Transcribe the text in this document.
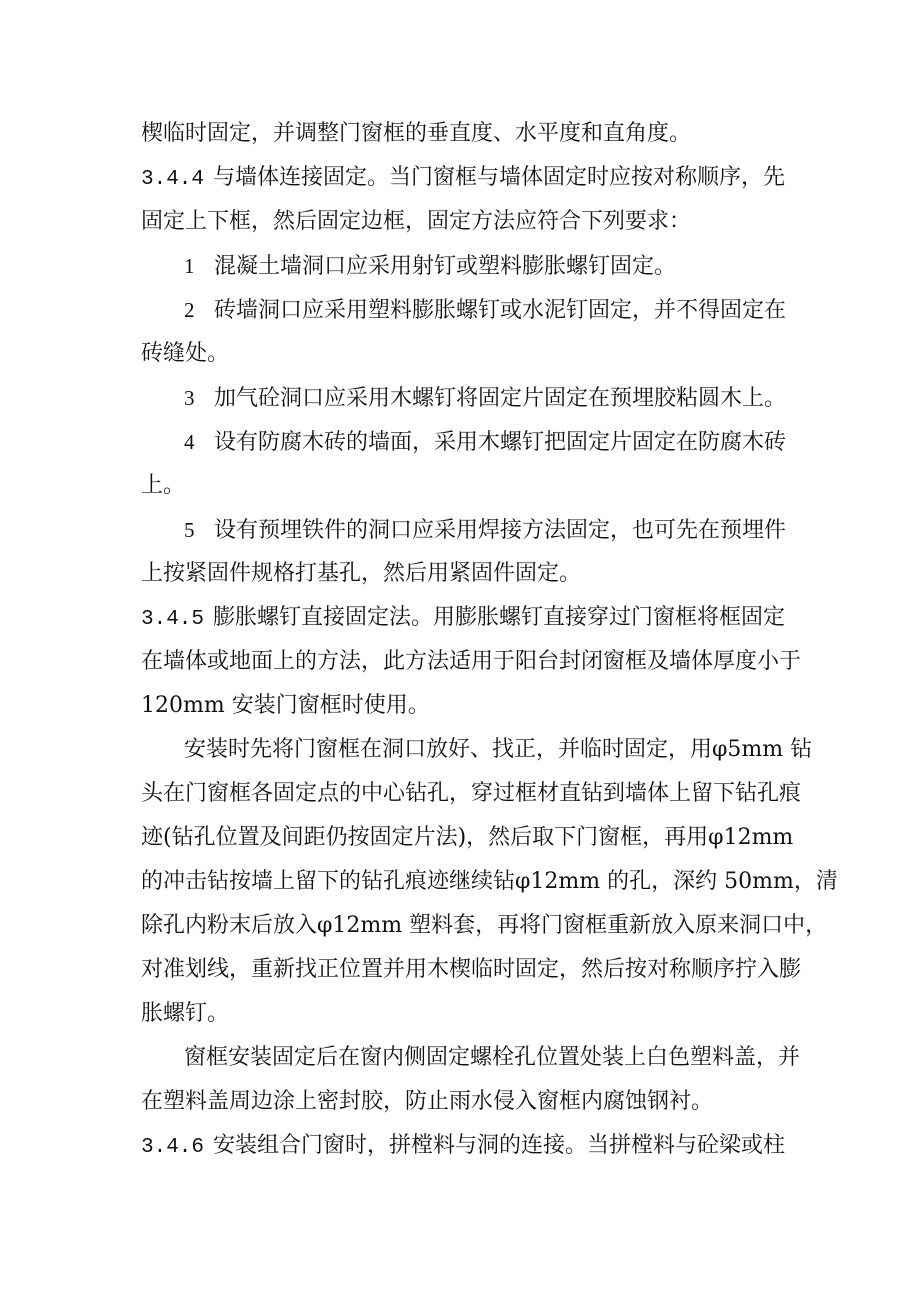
楔临时固定，并调整门窗框的垂直度、水平度和直角度。
3.4.4 与墙体连接固定。当门窗框与墙体固定时应按对称顺序，先
固定上下框，然后固定边框，固定方法应符合下列要求：
1 混凝土墙洞口应采用射钉或塑料膨胀螺钉固定。
2 砖墙洞口应采用塑料膨胀螺钉或水泥钉固定，并不得固定在
砖缝处。
3 加气砼洞口应采用木螺钉将固定片固定在预埋胶粘圆木上。
4 设有防腐木砖的墙面，采用木螺钉把固定片固定在防腐木砖
上。
5 设有预埋铁件的洞口应采用焊接方法固定，也可先在预埋件
上按紧固件规格打基孔，然后用紧固件固定。
3.4.5 膨胀螺钉直接固定法。用膨胀螺钉直接穿过门窗框将框固定
在墙体或地面上的方法，此方法适用于阳台封闭窗框及墙体厚度小于
120mm 安装门窗框时使用。
安装时先将门窗框在洞口放好、找正，并临时固定，用φ5mm 钻
头在门窗框各固定点的中心钻孔，穿过框材直钻到墙体上留下钻孔痕
迹(钻孔位置及间距仍按固定片法)，然后取下门窗框，再用φ12mm
的冲击钻按墙上留下的钻孔痕迹继续钻φ12mm 的孔，深约 50mm，清
除孔内粉末后放入φ12mm 塑料套，再将门窗框重新放入原来洞口中，
对准划线，重新找正位置并用木楔临时固定，然后按对称顺序拧入膨
胀螺钉。
窗框安装固定后在窗内侧固定螺栓孔位置处装上白色塑料盖，并
在塑料盖周边涂上密封胶，防止雨水侵入窗框内腐蚀钢衬。
3.4.6 安装组合门窗时，拼樘料与洞的连接。当拼樘料与砼梁或柱
